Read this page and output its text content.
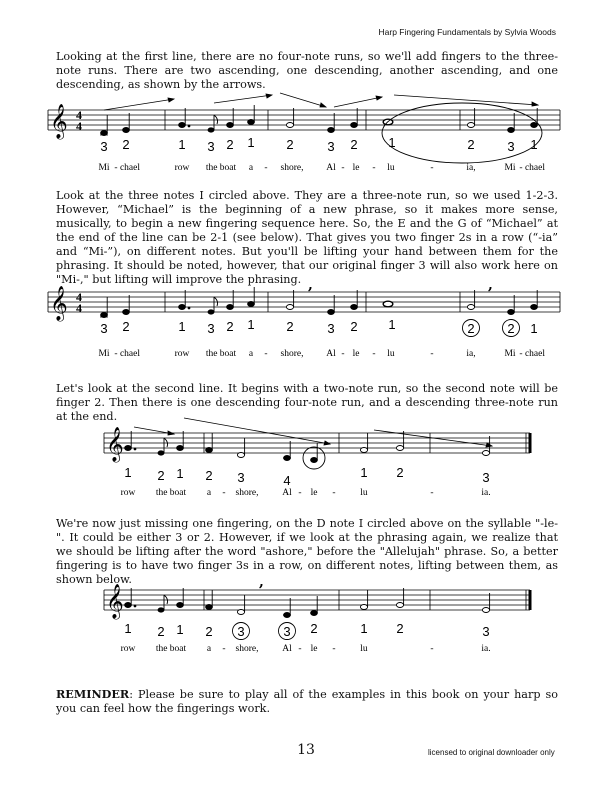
Harp Fingering Fundamentals by Sylvia Woods

Looking at the first line, there are no four-note runs, so we'll add fingers to the three-note runs. There are two ascending, one descending, another ascending, and one descending, as shown by the arrows.

𝄞 4
4
3 2	1 3 2 1 2	3 2 1	2	3 1
Mi - chael	row the boat a - shore, Al - le - lu	-	ia,	Mi - chael

Look at the three notes I circled above. They are a three-note run, so we used 1-2-3. However, “Michael” is the beginning of a new phrase, so it makes more sense, musically, to begin a new fingering sequence here. So, the E and the G of “Michael” at the end of the line can be 2-1 (see below). That gives you two finger 2s in a row (“-ia” and “Mi-”), on different notes. But you'll be lifting your hand between them for the phrasing. It should be noted, however, that our original finger 3 will also work here on "Mi-," but lifting will improve the phrasing.

𝄞 4
4
,	,
3 2	1 3 2 1 2	3 2 1	2	2 1
Mi - chael	row the boat a - shore, Al - le - lu	-	ia,	Mi - chael

Let's look at the second line. It begins with a two-note run, so the second note will be finger 2. Then there is one descending four-note run, and a descending three-note run at the end.

𝄞
1 2 1 2 3	4
1 2	3
row the boat a - shore,	Al - le -	lu	-	ia.

We're now just missing one fingering, on the D note I circled above on the syllable "-le-". It could be either 3 or 2. However, if we look at the phrasing again, we realize that we should be lifting after the word "ashore," before the "Allelujah" phrase. So, a better fingering is to have two finger 3s in a row, on different notes, lifting between them, as shown below.

𝄞
,
1 2 1 2 3	3 2	1 2	3
row the boat a - shore,	Al - le -	lu	-	ia.

REMINDER: Please be sure to play all of the examples in this book on your harp so you can feel how the fingerings work.

13	licensed to original downloader only
